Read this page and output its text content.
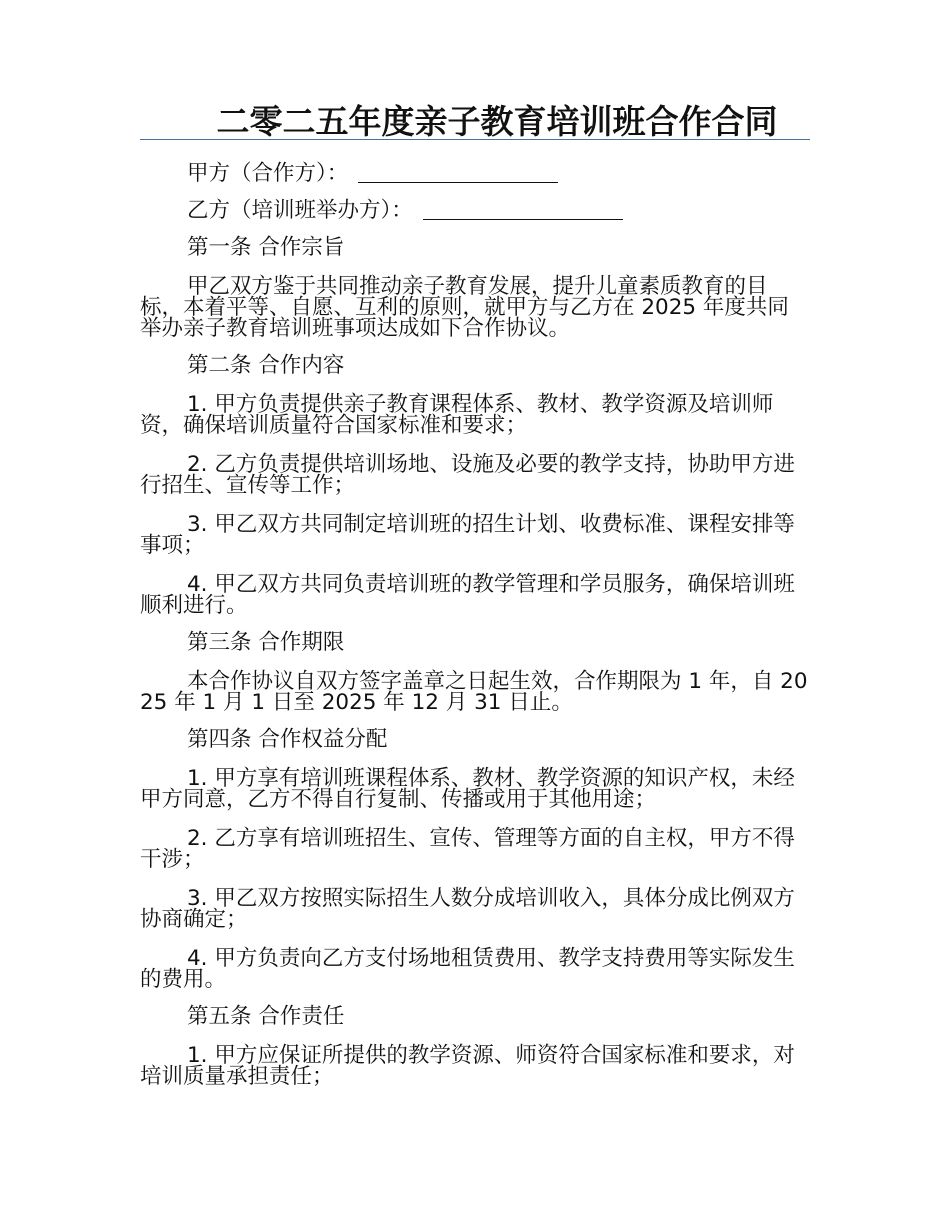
二零二五年度亲子教育培训班合作合同

甲方（合作方）：

乙方（培训班举办方）：

第一条 合作宗旨

甲乙双方鉴于共同推动亲子教育发展，提升儿童素质教育的目标，本着平等、自愿、互利的原则，就甲方与乙方在 2025 年度共同举办亲子教育培训班事项达成如下合作协议。

第二条 合作内容

1. 甲方负责提供亲子教育课程体系、教材、教学资源及培训师资，确保培训质量符合国家标准和要求；

2. 乙方负责提供培训场地、设施及必要的教学支持，协助甲方进行招生、宣传等工作；

3. 甲乙双方共同制定培训班的招生计划、收费标准、课程安排等事项；

4. 甲乙双方共同负责培训班的教学管理和学员服务，确保培训班顺利进行。

第三条 合作期限

本合作协议自双方签字盖章之日起生效，合作期限为 1 年，自 2025 年 1 月 1 日至 2025 年 12 月 31 日止。

第四条 合作权益分配

1. 甲方享有培训班课程体系、教材、教学资源的知识产权，未经甲方同意，乙方不得自行复制、传播或用于其他用途；

2. 乙方享有培训班招生、宣传、管理等方面的自主权，甲方不得干涉；

3. 甲乙双方按照实际招生人数分成培训收入，具体分成比例双方协商确定；

4. 甲方负责向乙方支付场地租赁费用、教学支持费用等实际发生的费用。

第五条 合作责任

1. 甲方应保证所提供的教学资源、师资符合国家标准和要求，对培训质量承担责任；
